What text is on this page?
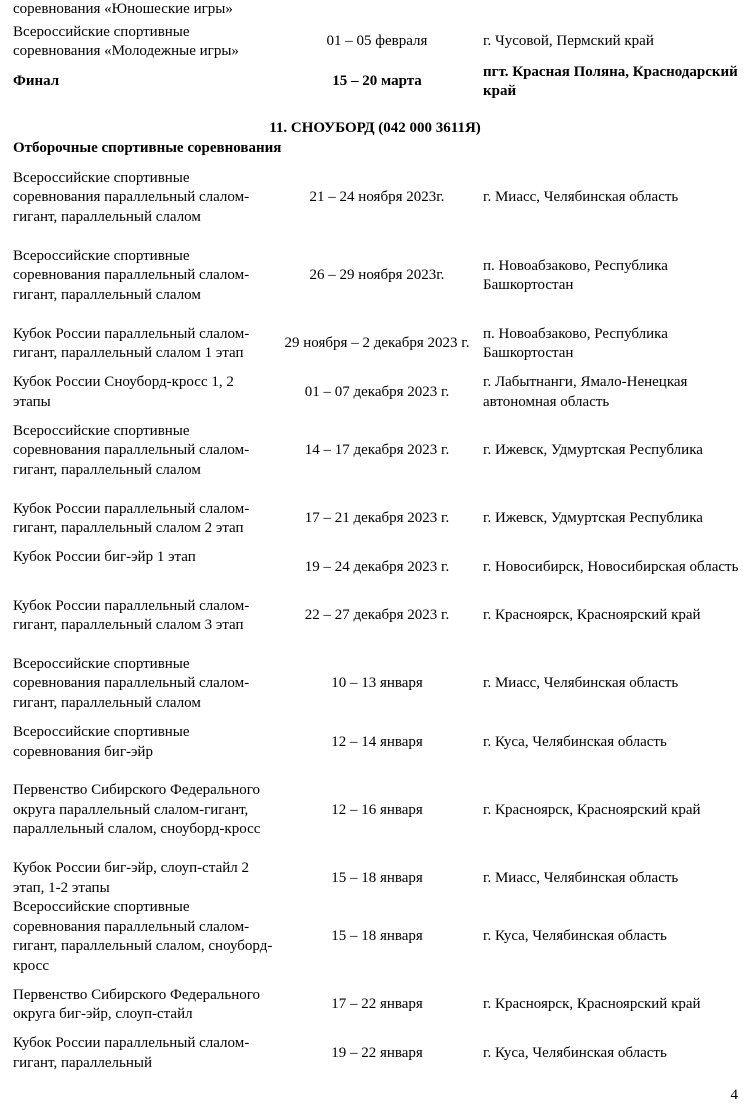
соревнования «Юношеские игры»		
Всероссийские спортивные соревнования «Молодежные игры»	01 – 05 февраля	г. Чусовой, Пермский край
Финал	15 – 20 марта	пгт. Красная Поляна, Краснодарский край
11. СНОУБОРД (042 000 3611Я)
Отборочные спортивные соревнования
Всероссийские спортивные соревнования параллельный слалом-гигант, параллельный слалом	21 – 24 ноября 2023г.	г. Миасс, Челябинская область
Всероссийские спортивные соревнования параллельный слалом-гигант, параллельный слалом	26 – 29 ноября 2023г.	п. Новоабзаково, Республика Башкортостан
Кубок России параллельный слалом-гигант, параллельный слалом 1 этап	29 ноября – 2 декабря 2023 г.	п. Новоабзаково, Республика Башкортостан
Кубок России Сноуборд-кросс 1, 2 этапы	01 – 07 декабря 2023 г.	г. Лабытнанги, Ямало-Ненецкая автономная область
Всероссийские спортивные соревнования параллельный слалом-гигант, параллельный слалом	14 – 17 декабря 2023 г.	г. Ижевск, Удмуртская Республика
Кубок России параллельный слалом-гигант, параллельный слалом 2 этап	17 – 21 декабря 2023 г.	г. Ижевск, Удмуртская Республика
Кубок России биг-эйр 1 этап	19 – 24 декабря 2023 г.	г. Новосибирск, Новосибирская область
Кубок России параллельный слалом-гигант, параллельный слалом 3 этап	22 – 27 декабря 2023 г.	г. Красноярск, Красноярский край
Всероссийские спортивные соревнования параллельный слалом-гигант, параллельный слалом	10 – 13 января	г. Миасс, Челябинская область
Всероссийские спортивные соревнования биг-эйр	12 – 14 января	г. Куса, Челябинская область
Первенство Сибирского Федерального округа параллельный слалом-гигант, параллельный слалом, сноуборд-кросс	12 – 16 января	г. Красноярск, Красноярский край
Кубок России биг-эйр, слоуп-стайл 2 этап, 1-2 этапы	15 – 18 января	г. Миасс, Челябинская область
Всероссийские спортивные соревнования параллельный слалом-гигант, параллельный слалом, сноуборд-кросс	15 – 18 января	г. Куса, Челябинская область
Первенство Сибирского Федерального округа биг-эйр, слоуп-стайл	17 – 22 января	г. Красноярск, Красноярский край
Кубок России параллельный слалом-гигант, параллельный	19 – 22 января	г. Куса, Челябинская область
4
